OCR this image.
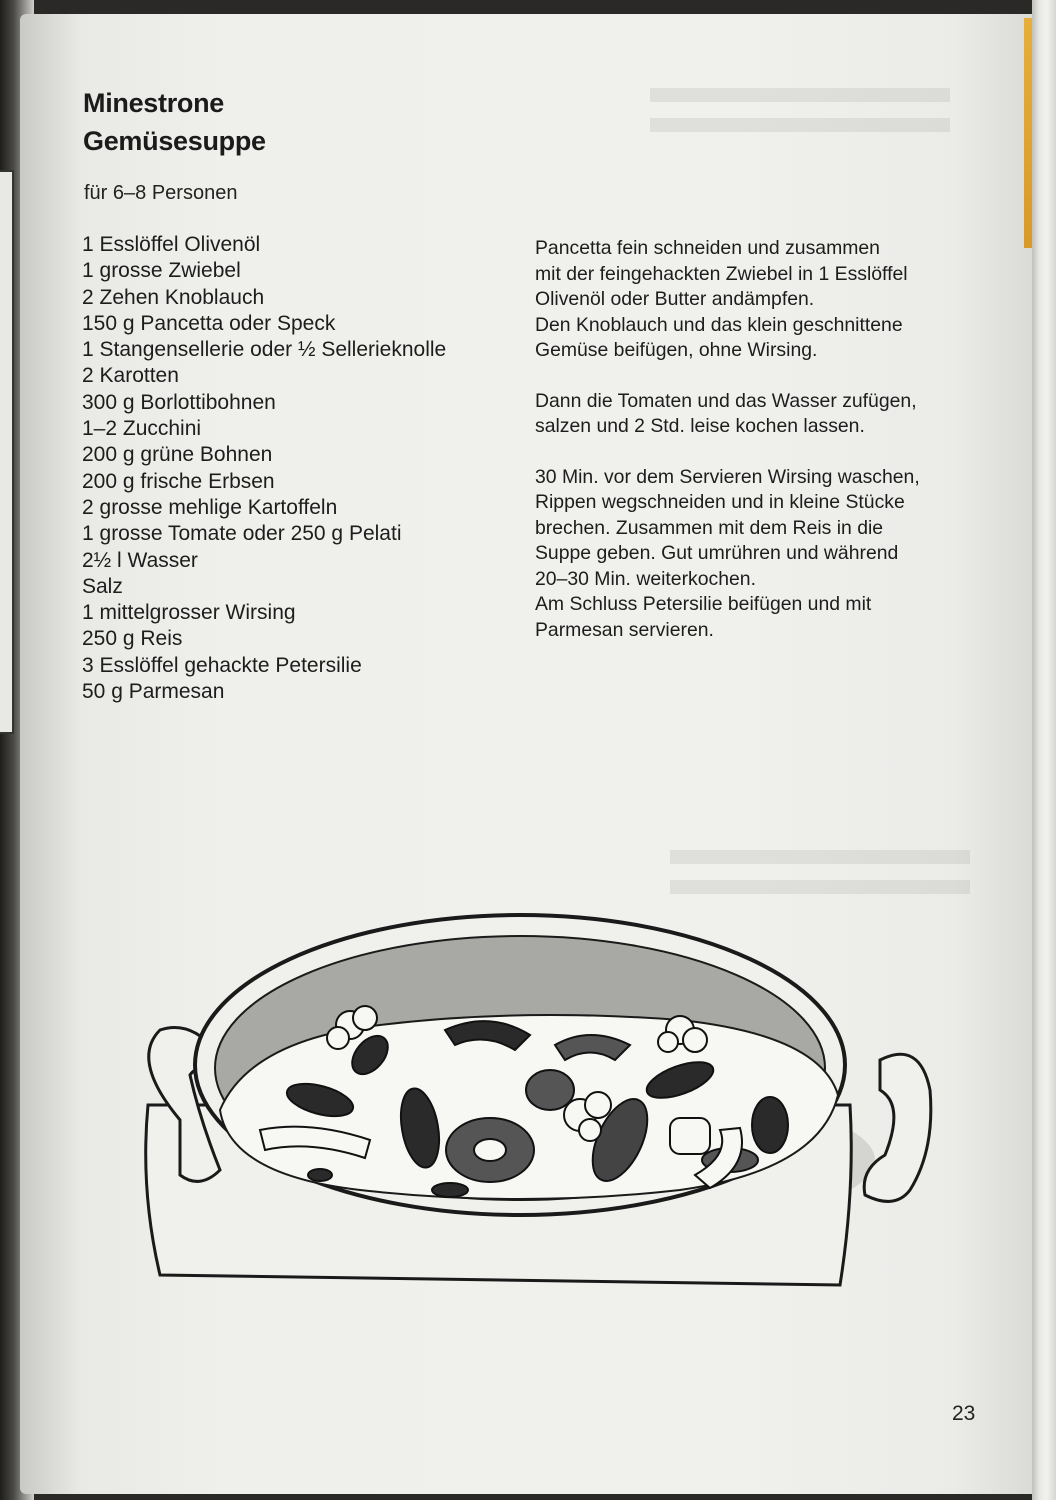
Minestrone
Gemüsesuppe

für 6–8 Personen

1 Esslöffel Olivenöl
1 grosse Zwiebel
2 Zehen Knoblauch
150 g Pancetta oder Speck
1 Stangensellerie oder ½ Sellerieknolle
2 Karotten
300 g Borlottibohnen
1–2 Zucchini
200 g grüne Bohnen
200 g frische Erbsen
2 grosse mehlige Kartoffeln
1 grosse Tomate oder 250 g Pelati
2½ l Wasser
Salz
1 mittelgrosser Wirsing
250 g Reis
3 Esslöffel gehackte Petersilie
50 g Parmesan

Pancetta fein schneiden und zusammen
mit der feingehackten Zwiebel in 1 Esslöffel
Olivenöl oder Butter andämpfen.
Den Knoblauch und das klein geschnittene
Gemüse beifügen, ohne Wirsing.

Dann die Tomaten und das Wasser zufügen,
salzen und 2 Std. leise kochen lassen.

30 Min. vor dem Servieren Wirsing waschen,
Rippen wegschneiden und in kleine Stücke
brechen. Zusammen mit dem Reis in die
Suppe geben. Gut umrühren und während
20–30 Min. weiterkochen.
Am Schluss Petersilie beifügen und mit
Parmesan servieren.

23
